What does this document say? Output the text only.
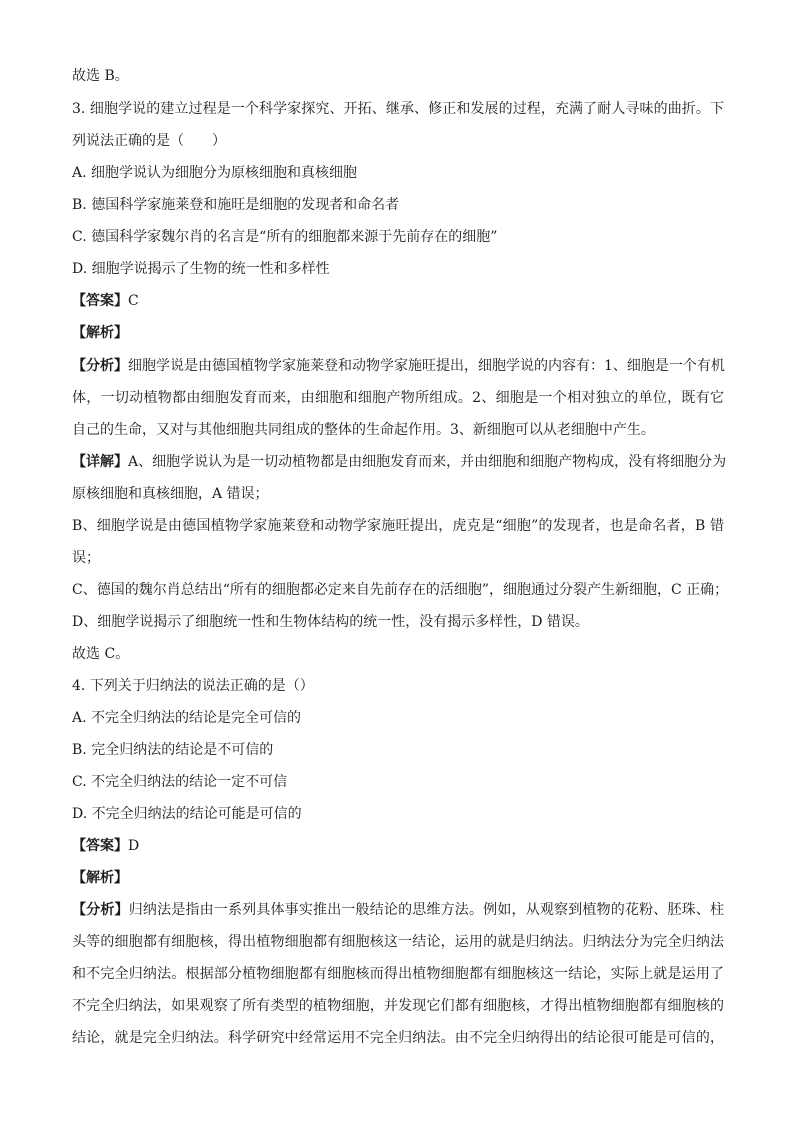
故选 B。
3. 细胞学说的建立过程是一个科学家探究、开拓、继承、修正和发展的过程，充满了耐人寻味的曲折。下
列说法正确的是（　　）
A. 细胞学说认为细胞分为原核细胞和真核细胞
B. 德国科学家施莱登和施旺是细胞的发现者和命名者
C. 德国科学家魏尔肖的名言是“所有的细胞都来源于先前存在的细胞”
D. 细胞学说揭示了生物的统一性和多样性
【答案】C
【解析】
【分析】细胞学说是由德国植物学家施莱登和动物学家施旺提出，细胞学说的内容有：1、细胞是一个有机
体，一切动植物都由细胞发育而来，由细胞和细胞产物所组成。2、细胞是一个相对独立的单位，既有它
自己的生命，又对与其他细胞共同组成的整体的生命起作用。3、新细胞可以从老细胞中产生。
【详解】A、细胞学说认为是一切动植物都是由细胞发育而来，并由细胞和细胞产物构成，没有将细胞分为
原核细胞和真核细胞，A 错误；
B、细胞学说是由德国植物学家施莱登和动物学家施旺提出，虎克是“细胞”的发现者，也是命名者，B 错
误；
C、德国的魏尔肖总结出“所有的细胞都必定来自先前存在的活细胞”，细胞通过分裂产生新细胞，C 正确；
D、细胞学说揭示了细胞统一性和生物体结构的统一性，没有揭示多样性，D 错误。
故选 C。
4. 下列关于归纳法的说法正确的是（）
A. 不完全归纳法的结论是完全可信的
B. 完全归纳法的结论是不可信的
C. 不完全归纳法的结论一定不可信
D. 不完全归纳法的结论可能是可信的
【答案】D
【解析】
【分析】归纳法是指由一系列具体事实推出一般结论的思维方法。例如，从观察到植物的花粉、胚珠、柱
头等的细胞都有细胞核，得出植物细胞都有细胞核这一结论，运用的就是归纳法。归纳法分为完全归纳法
和不完全归纳法。根据部分植物细胞都有细胞核而得出植物细胞都有细胞核这一结论，实际上就是运用了
不完全归纳法，如果观察了所有类型的植物细胞，并发现它们都有细胞核，才得出植物细胞都有细胞核的
结论，就是完全归纳法。科学研究中经常运用不完全归纳法。由不完全归纳得出的结论很可能是可信的，
